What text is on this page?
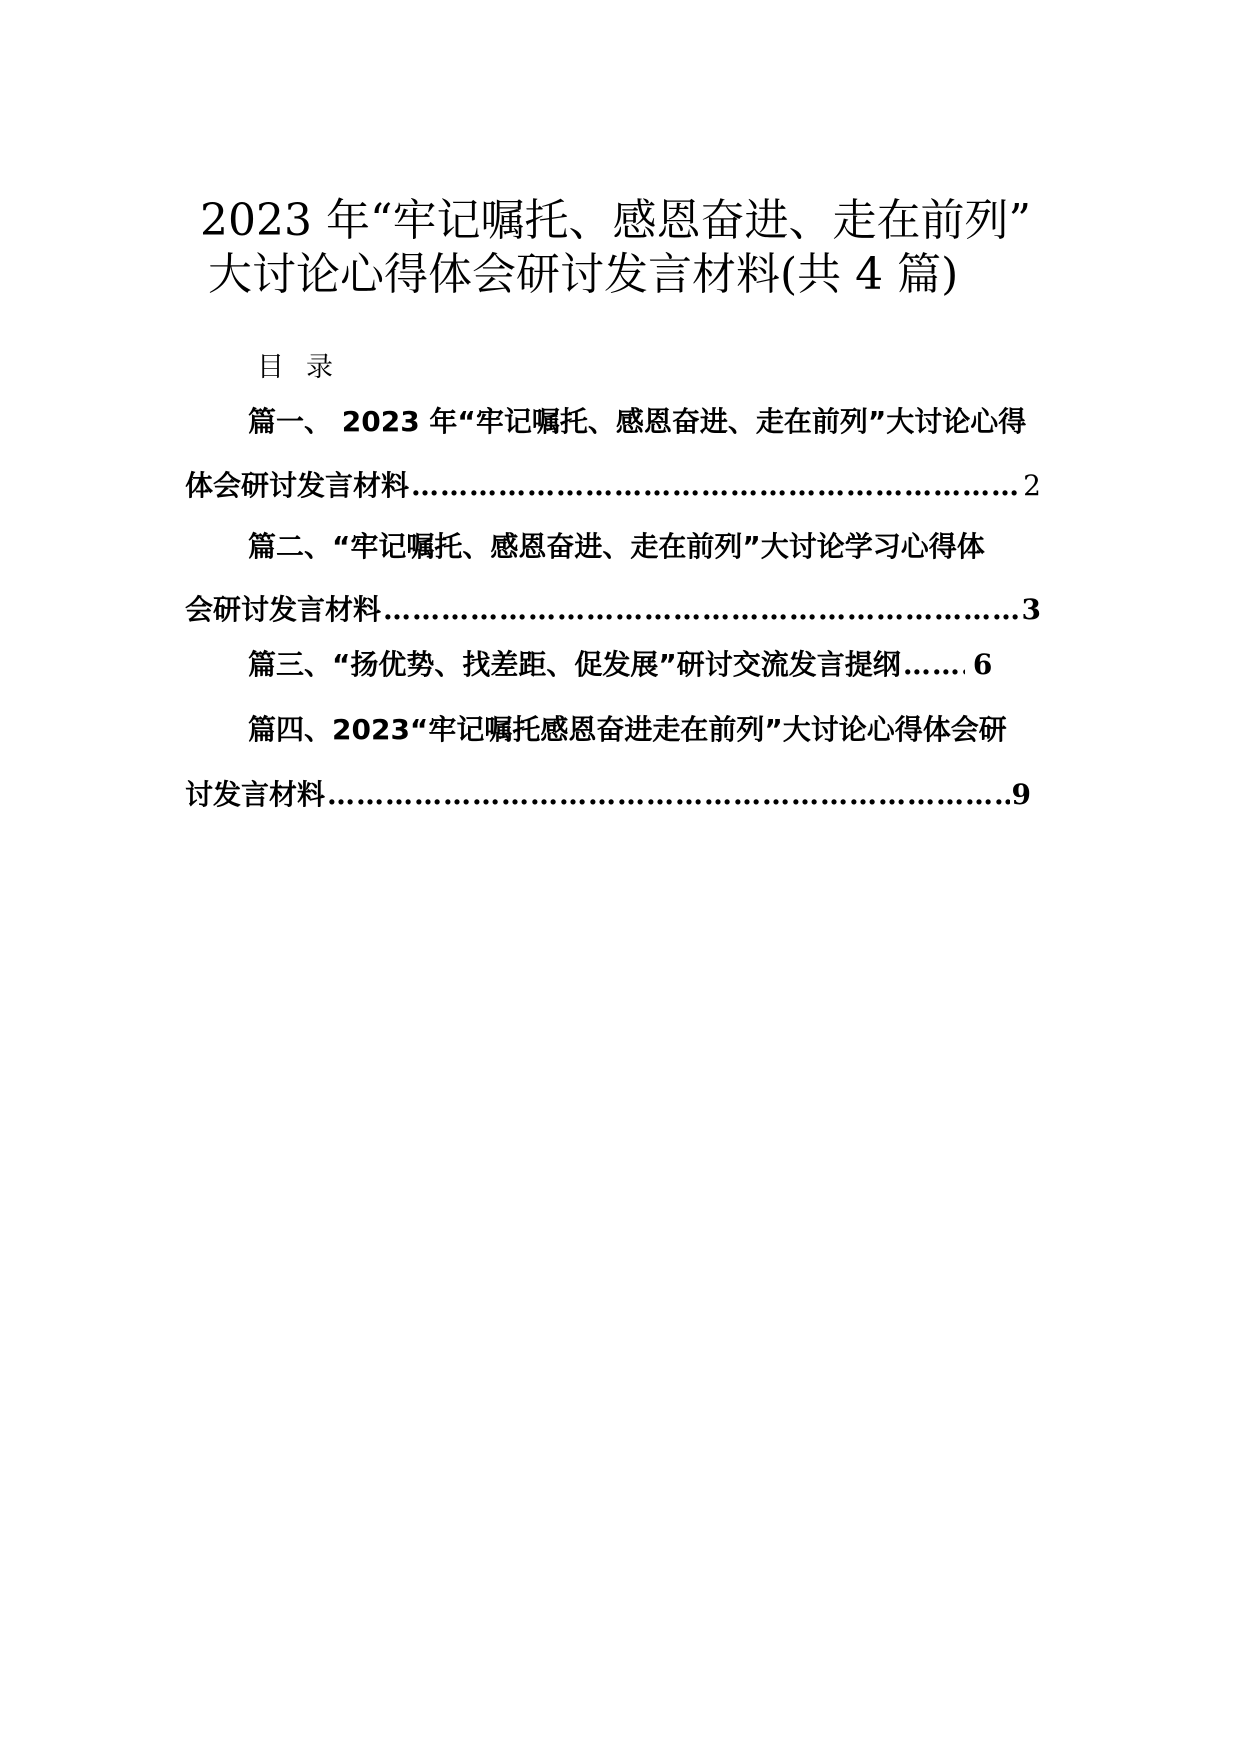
2023 年“牢记嘱托、感恩奋进、走在前列”
大讨论心得体会研讨发言材料(共 4 篇)
目录
篇一、 2023 年“牢记嘱托、感恩奋进、走在前列”大讨论心得
体会研讨发言材料 ……………………………………………………………………………………………………………………………………………………………………	2
篇二、“牢记嘱托、感恩奋进、走在前列”大讨论学习心得体
会研讨发言材料 ……………………………………………………………………………………………………………………………………………………………………	3
篇三、“扬优势、找差距、促发展”研讨交流发言提纲 ……………………………………………………………………………………………………………………………………………………………………	6
篇四、2023“牢记嘱托感恩奋进走在前列”大讨论心得体会研
讨发言材料 ……………………………………………………………………………………………………………………………………………………………………	9
